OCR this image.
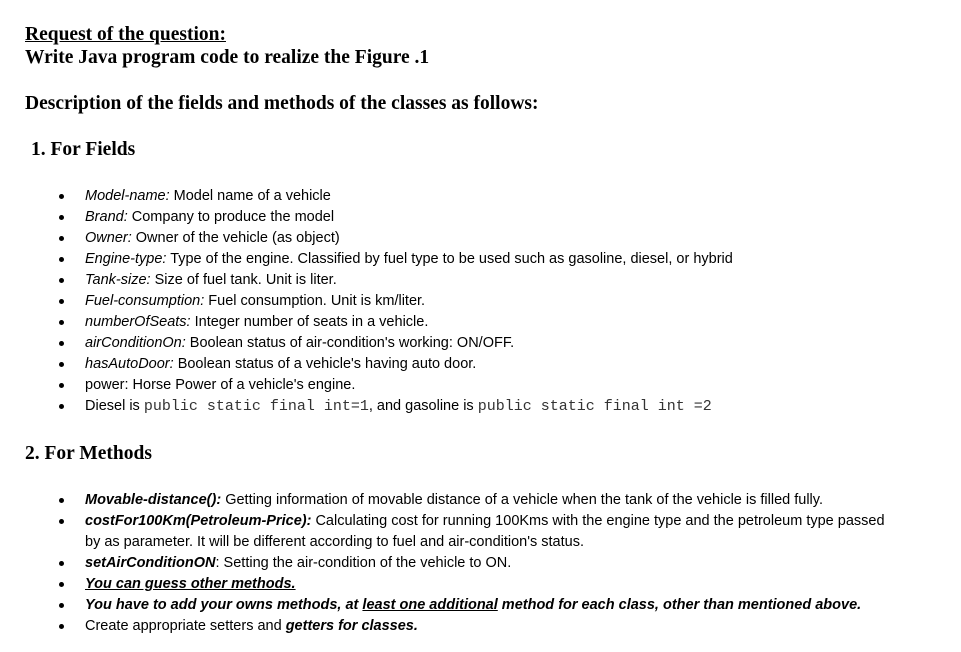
Request of the question:
Write Java program code to realize the Figure .1
Description of the fields and methods of the classes as follows:
1. For Fields
Model-name: Model name of a vehicle
Brand: Company to produce the model
Owner: Owner of the vehicle (as object)
Engine-type: Type of the engine. Classified by fuel type to be used such as gasoline, diesel, or hybrid
Tank-size: Size of fuel tank. Unit is liter.
Fuel-consumption: Fuel consumption. Unit is km/liter.
numberOfSeats: Integer number of seats in a vehicle.
airConditionOn: Boolean status of air-condition's working: ON/OFF.
hasAutoDoor: Boolean status of a vehicle's having auto door.
power: Horse Power of a vehicle's engine.
Diesel is public static final int=1, and gasoline is public static final int =2
2. For Methods
Movable-distance(): Getting information of movable distance of a vehicle when the tank of the vehicle is filled fully.
costFor100Km(Petroleum-Price): Calculating cost for running 100Kms with the engine type and the petroleum type passed
by as parameter. It will be different according to fuel and air-condition's status.
setAirConditionON: Setting the air-condition of the vehicle to ON.
You can guess other methods.
You have to add your owns methods, at least one additional method for each class, other than mentioned above.
Create appropriate setters and getters for classes.
